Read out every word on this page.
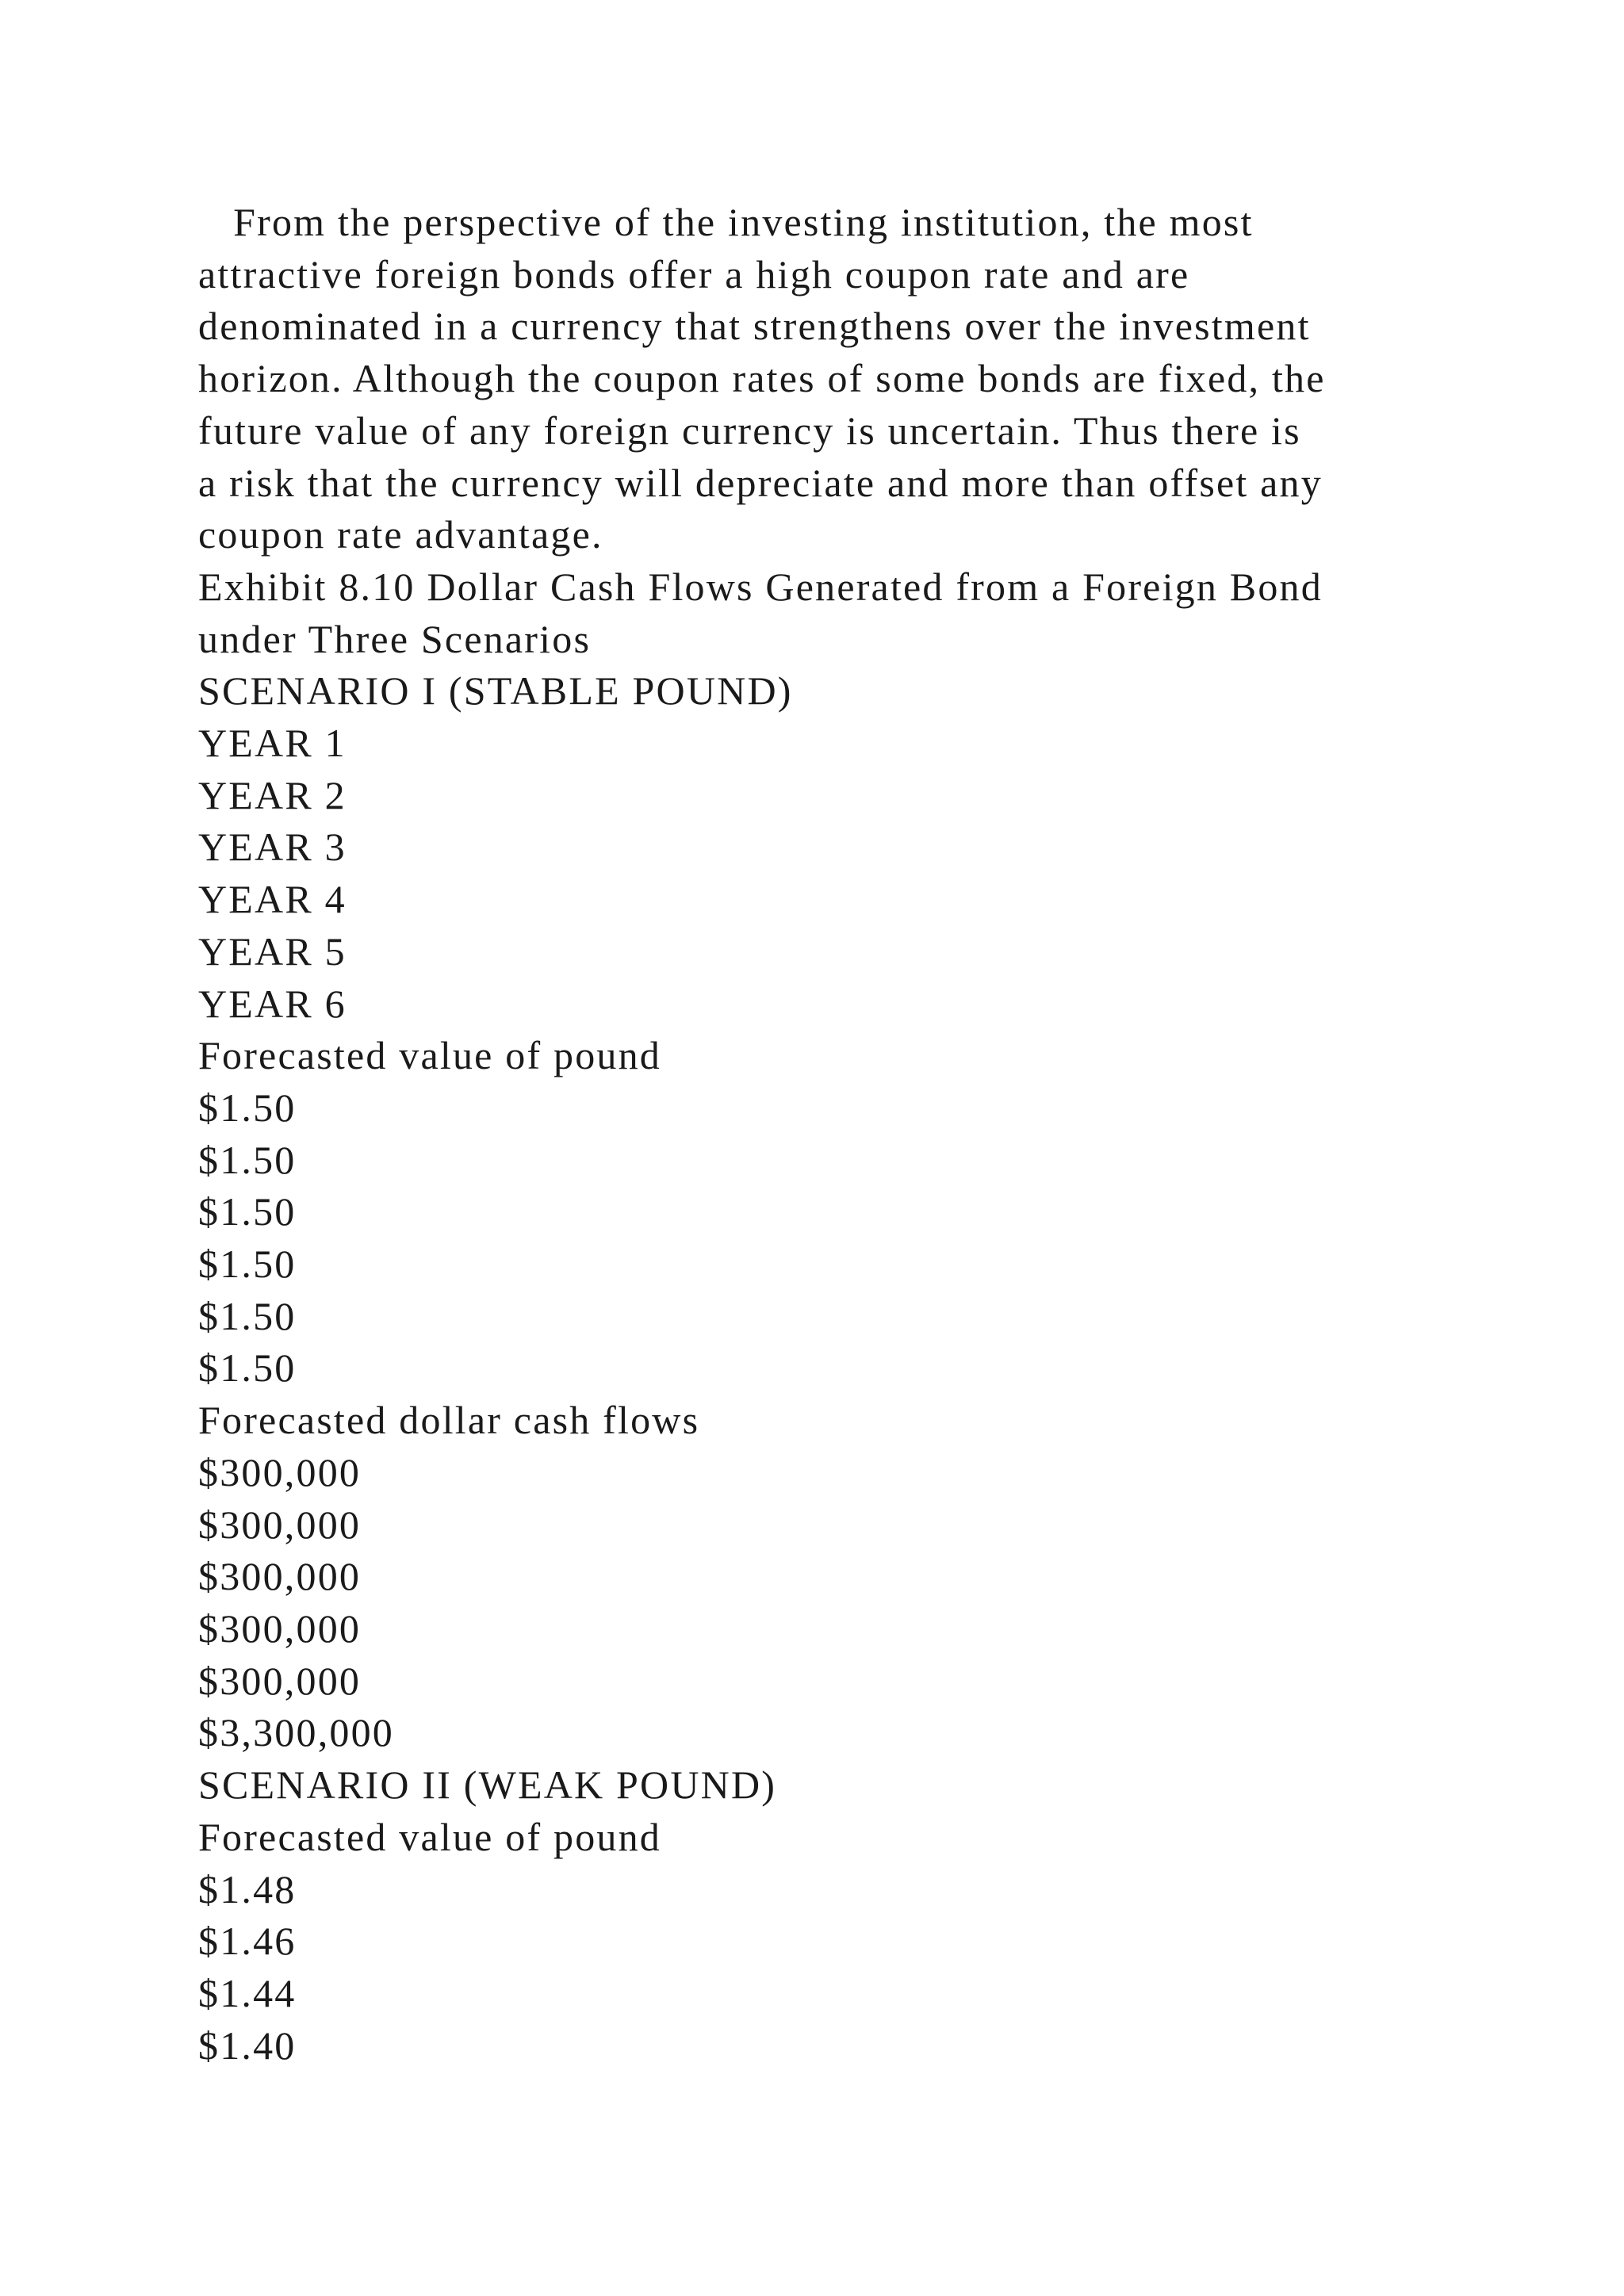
From the perspective of the investing institution, the most
attractive foreign bonds offer a high coupon rate and are
denominated in a currency that strengthens over the investment
horizon. Although the coupon rates of some bonds are fixed, the
future value of any foreign currency is uncertain. Thus there is
a risk that the currency will depreciate and more than offset any
coupon rate advantage.
Exhibit 8.10 Dollar Cash Flows Generated from a Foreign Bond
under Three Scenarios
SCENARIO I (STABLE POUND)
YEAR 1
YEAR 2
YEAR 3
YEAR 4
YEAR 5
YEAR 6
Forecasted value of pound
$1.50
$1.50
$1.50
$1.50
$1.50
$1.50
Forecasted dollar cash flows
$300,000
$300,000
$300,000
$300,000
$300,000
$3,300,000
SCENARIO II (WEAK POUND)
Forecasted value of pound
$1.48
$1.46
$1.44
$1.40
